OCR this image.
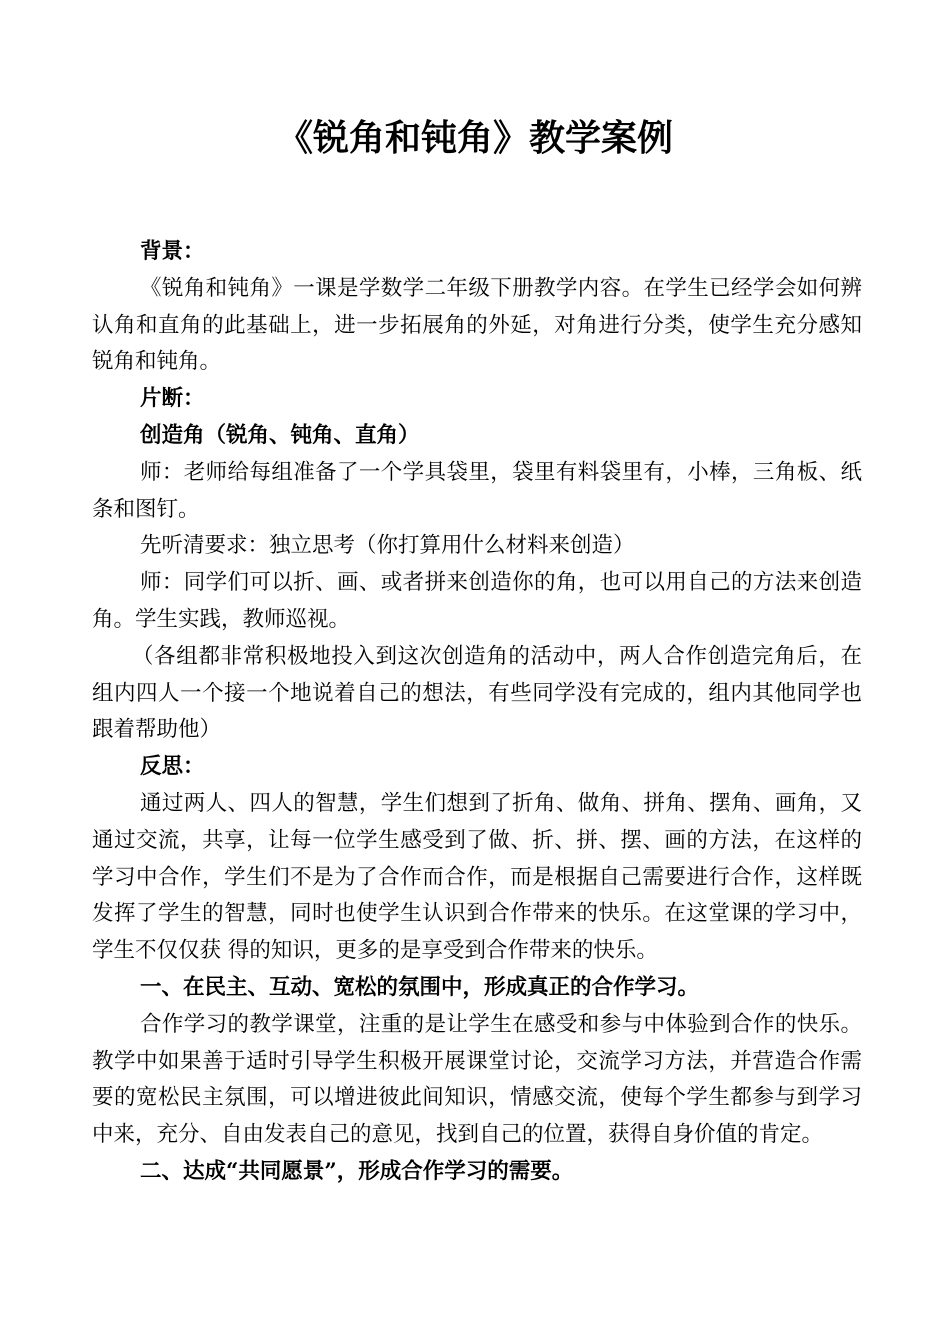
《锐角和钝角》教学案例

背景：

《锐角和钝角》一课是学数学二年级下册教学内容。在学生已经学会如何辨认角和直角的此基础上，进一步拓展角的外延，对角进行分类，使学生充分感知锐角和钝角。

片断：

创造角（锐角、钝角、直角）

师：老师给每组准备了一个学具袋里，袋里有料袋里有，小棒，三角板、纸条和图钉。

先听清要求：独立思考（你打算用什么材料来创造）

师：同学们可以折、画、或者拼来创造你的角，也可以用自己的方法来创造角。学生实践，教师巡视。

（各组都非常积极地投入到这次创造角的活动中，两人合作创造完角后，在组内四人一个接一个地说着自己的想法，有些同学没有完成的，组内其他同学也跟着帮助他）

反思：

通过两人、四人的智慧，学生们想到了折角、做角、拼角、摆角、画角，又通过交流，共享，让每一位学生感受到了做、折、拼、摆、画的方法，在这样的学习中合作，学生们不是为了合作而合作，而是根据自己需要进行合作，这样既发挥了学生的智慧，同时也使学生认识到合作带来的快乐。在这堂课的学习中，学生不仅仅获 得的知识，更多的是享受到合作带来的快乐。

一、在民主、互动、宽松的氛围中，形成真正的合作学习。

合作学习的教学课堂，注重的是让学生在感受和参与中体验到合作的快乐。教学中如果善于适时引导学生积极开展课堂讨论，交流学习方法，并营造合作需要的宽松民主氛围，可以增进彼此间知识，情感交流，使每个学生都参与到学习中来，充分、自由发表自己的意见，找到自己的位置，获得自身价值的肯定。

二、达成“共同愿景”，形成合作学习的需要。
